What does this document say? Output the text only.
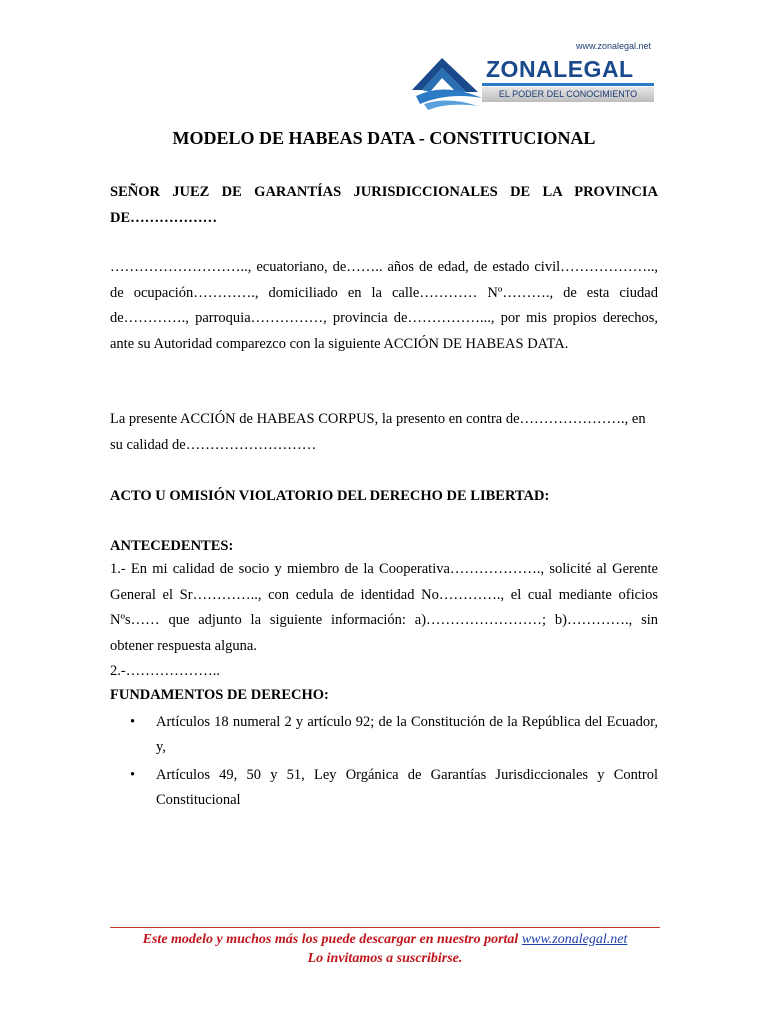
www.zonalegal.net
ZONALEGAL
EL PODER DEL CONOCIMIENTO
MODELO DE HABEAS DATA - CONSTITUCIONAL
SEÑOR JUEZ DE GARANTÍAS JURISDICCIONALES DE LA PROVINCIA DE………………
……………………….., ecuatoriano, de…….. años de edad, de estado civil……………….., de ocupación…………., domiciliado en la calle………… Nº………., de esta ciudad de…………., parroquia……………, provincia de……………..., por mis propios derechos, ante su Autoridad comparezco con la siguiente ACCIÓN DE HABEAS DATA.
La presente ACCIÓN de HABEAS CORPUS, la presento en contra de…………………., en su calidad de………………………
ACTO U OMISIÓN VIOLATORIO DEL DERECHO DE LIBERTAD:
ANTECEDENTES:
1.- En mi calidad de socio y miembro de la Cooperativa………………., solicité al Gerente General el Sr………….., con cedula de identidad No…………., el cual mediante oficios Nºs…… que adjunto la siguiente información: a)……………………; b)…………., sin obtener respuesta alguna.
2.-………………..
FUNDAMENTOS DE DERECHO:
• Artículos 18 numeral 2 y artículo 92; de la Constitución de la República del Ecuador, y,
• Artículos 49, 50 y 51, Ley Orgánica de Garantías Jurisdiccionales y Control Constitucional
Este modelo y muchos más los puede descargar en nuestro portal www.zonalegal.net
Lo invitamos a suscribirse.
